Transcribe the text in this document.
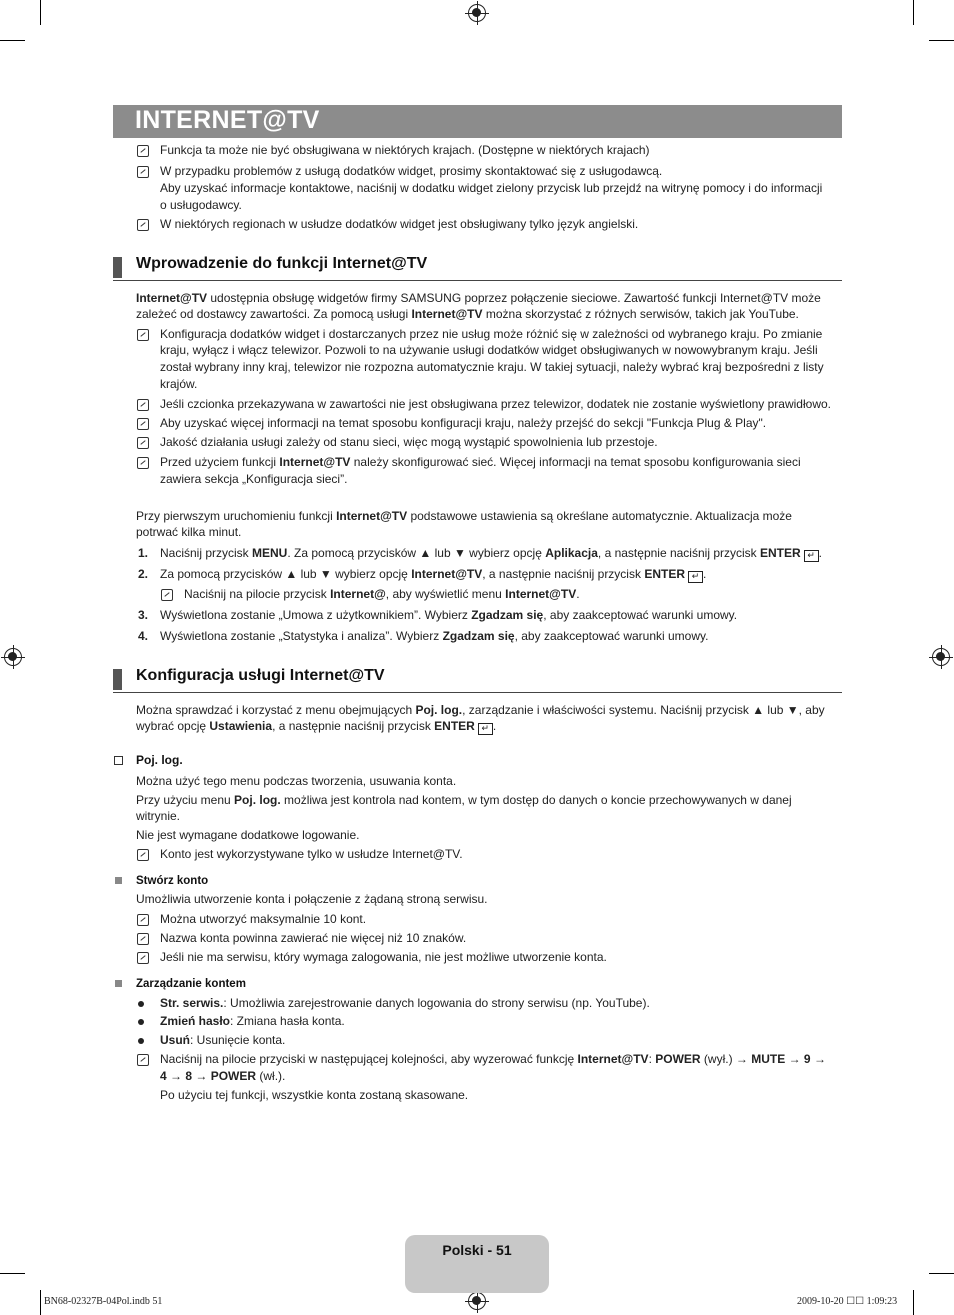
INTERNET@TV
Funkcja ta może nie być obsługiwana w niektórych krajach. (Dostępne w niektórych krajach)
W przypadku problemów z usługą dodatków widget, prosimy skontaktować się z usługodawcą.
Aby uzyskać informacje kontaktowe, naciśnij w dodatku widget zielony przycisk lub przejdź na witrynę pomocy i do informacji
o usługodawcy.
W niektórych regionach w usłudze dodatków widget jest obsługiwany tylko język angielski.
Wprowadzenie do funkcji Internet@TV
Internet@TV udostępnia obsługę widgetów firmy SAMSUNG poprzez połączenie sieciowe. Zawartość funkcji Internet@TV może
zależeć od dostawcy zawartości. Za pomocą usługi Internet@TV można skorzystać z różnych serwisów, takich jak YouTube.
Konfiguracja dodatków widget i dostarczanych przez nie usług może różnić się w zależności od wybranego kraju. Po zmianie
kraju, wyłącz i włącz telewizor. Pozwoli to na używanie usługi dodatków widget obsługiwanych w nowowybranym kraju. Jeśli
został wybrany inny kraj, telewizor nie rozpozna automatycznie kraju. W takiej sytuacji, należy wybrać kraj bezpośredni z listy
krajów.
Jeśli czcionka przekazywana w zawartości nie jest obsługiwana przez telewizor, dodatek nie zostanie wyświetlony prawidłowo.
Aby uzyskać więcej informacji na temat sposobu konfiguracji kraju, należy przejść do sekcji "Funkcja Plug & Play".
Jakość działania usługi zależy od stanu sieci, więc mogą wystąpić spowolnienia lub przestoje.
Przed użyciem funkcji Internet@TV należy skonfigurować sieć. Więcej informacji na temat sposobu konfigurowania sieci
zawiera sekcja „Konfiguracja sieci”.
Przy pierwszym uruchomieniu funkcji Internet@TV podstawowe ustawienia są określane automatycznie. Aktualizacja może
potrwać kilka minut.
1. Naciśnij przycisk MENU. Za pomocą przycisków ▲ lub ▼ wybierz opcję Aplikacja, a następnie naciśnij przycisk ENTER ↵ .
2. Za pomocą przycisków ▲ lub ▼ wybierz opcję Internet@TV, a następnie naciśnij przycisk ENTER ↵ .
Naciśnij na pilocie przycisk Internet@, aby wyświetlić menu Internet@TV.
3. Wyświetlona zostanie „Umowa z użytkownikiem”. Wybierz Zgadzam się, aby zaakceptować warunki umowy.
4. Wyświetlona zostanie „Statystyka i analiza”. Wybierz Zgadzam się, aby zaakceptować warunki umowy.
Konfiguracja usługi Internet@TV
Można sprawdzać i korzystać z menu obejmujących Poj. log., zarządzanie i właściwości systemu. Naciśnij przycisk ▲ lub ▼, aby
wybrać opcję Ustawienia, a następnie naciśnij przycisk ENTER ↵ .
Poj. log.
Można użyć tego menu podczas tworzenia, usuwania konta.
Przy użyciu menu Poj. log. możliwa jest kontrola nad kontem, w tym dostęp do danych o koncie przechowywanych w danej
witrynie.
Nie jest wymagane dodatkowe logowanie.
Konto jest wykorzystywane tylko w usłudze Internet@TV.
Stwórz konto
Umożliwia utworzenie konta i połączenie z żądaną stroną serwisu.
Można utworzyć maksymalnie 10 kont.
Nazwa konta powinna zawierać nie więcej niż 10 znaków.
Jeśli nie ma serwisu, który wymaga zalogowania, nie jest możliwe utworzenie konta.
Zarządzanie kontem
Str. serwis.: Umożliwia zarejestrowanie danych logowania do strony serwisu (np. YouTube).
Zmień hasło: Zmiana hasła konta.
Usuń: Usunięcie konta.
Naciśnij na pilocie przyciski w następującej kolejności, aby wyzerować funkcję Internet@TV: POWER (wył.) → MUTE → 9 →
4 → 8 → POWER (wł.).
Po użyciu tej funkcji, wszystkie konta zostaną skasowane.
Polski - 51
BN68-02327B-04Pol.indb 51	2009-10-20 ☐☐ 1:09:23
